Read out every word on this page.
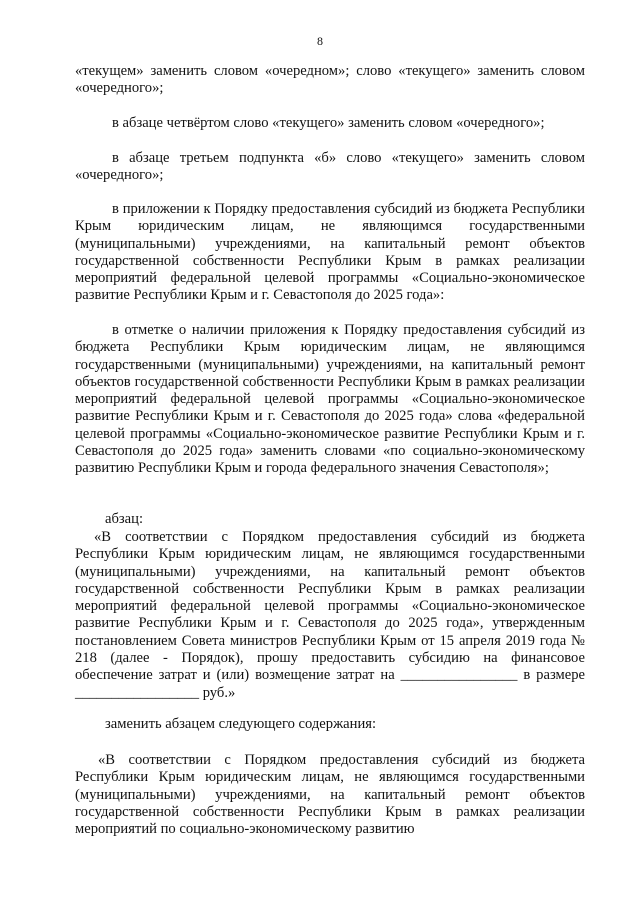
8

«текущем» заменить словом «очередном»; слово «текущего» заменить словом «очередного»;

в абзаце четвёртом слово «текущего» заменить словом «очередного»;

в абзаце третьем подпункта «б» слово «текущего» заменить словом «очередного»;

в приложении к Порядку предоставления субсидий из бюджета Республики Крым юридическим лицам, не являющимся государственными (муниципальными) учреждениями, на капитальный ремонт объектов государственной собственности Республики Крым в рамках реализации мероприятий федеральной целевой программы «Социально-экономическое развитие Республики Крым и г. Севастополя до 2025 года»:

в отметке о наличии приложения к Порядку предоставления субсидий из бюджета Республики Крым юридическим лицам, не являющимся государственными (муниципальными) учреждениями, на капитальный ремонт объектов государственной собственности Республики Крым в рамках реализации мероприятий федеральной целевой программы «Социально-экономическое развитие Республики Крым и г. Севастополя до 2025 года» слова «федеральной целевой программы «Социально-экономическое развитие Республики Крым и г. Севастополя до 2025 года» заменить словами «по социально-экономическому развитию Республики Крым и города федерального значения Севастополя»;

абзац:

«В соответствии с Порядком предоставления субсидий из бюджета Республики Крым юридическим лицам, не являющимся государственными (муниципальными) учреждениями, на капитальный ремонт объектов государственной собственности Республики Крым в рамках реализации мероприятий федеральной целевой программы «Социально-экономическое развитие Республики Крым и г. Севастополя до 2025 года», утвержденным постановлением Совета министров Республики Крым от 15 апреля 2019 года № 218 (далее - Порядок), прошу предоставить субсидию на финансовое обеспечение затрат и (или) возмещение затрат на ________________ в размере _________________ руб.»

заменить абзацем следующего содержания:

«В соответствии с Порядком предоставления субсидий из бюджета Республики Крым юридическим лицам, не являющимся государственными (муниципальными) учреждениями, на капитальный ремонт объектов государственной собственности Республики Крым в рамках реализации мероприятий по социально-экономическому развитию
